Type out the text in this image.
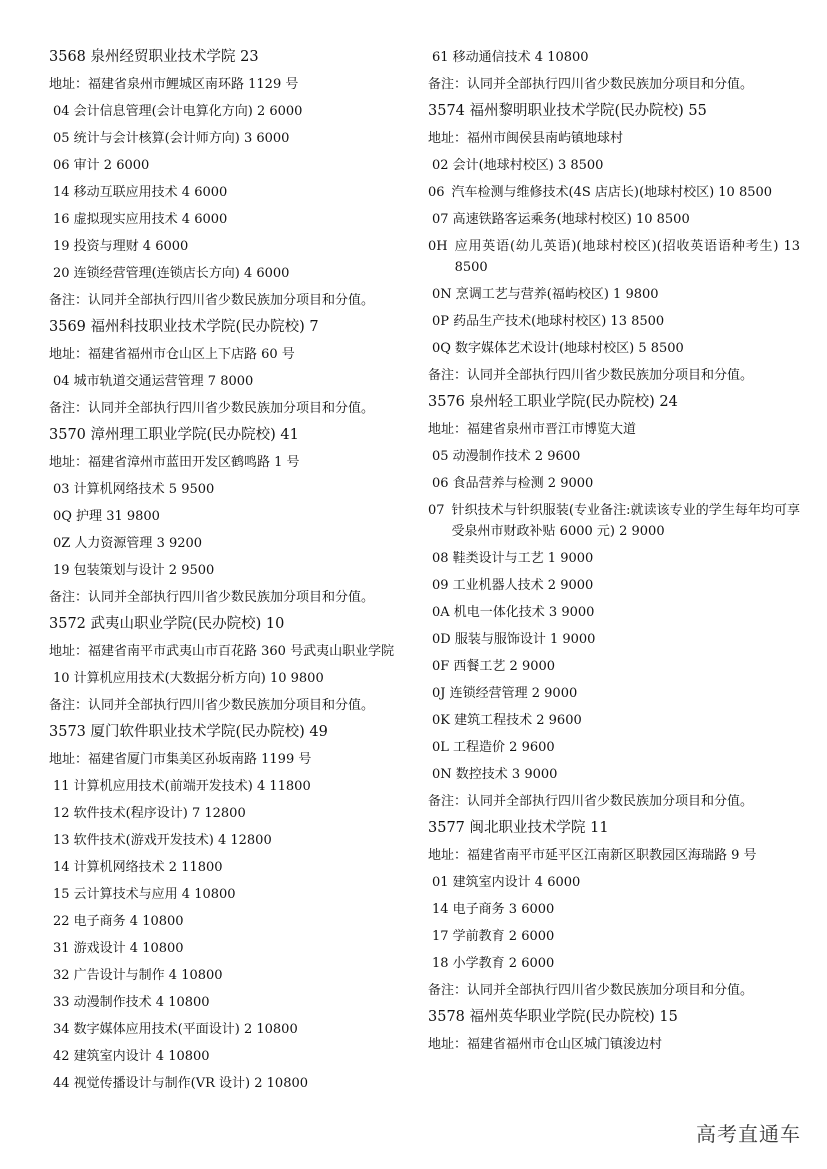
3568 泉州经贸职业技术学院 23
地址：福建省泉州市鲤城区南环路 1129 号
04 会计信息管理(会计电算化方向) 2 6000
05 统计与会计核算(会计师方向) 3 6000
06 审计 2 6000
14 移动互联应用技术 4 6000
16 虚拟现实应用技术 4 6000
19 投资与理财 4 6000
20 连锁经营管理(连锁店长方向) 4 6000
备注：认同并全部执行四川省少数民族加分项目和分值。
3569 福州科技职业技术学院(民办院校) 7
地址：福建省福州市仓山区上下店路 60 号
04 城市轨道交通运营管理 7 8000
备注：认同并全部执行四川省少数民族加分项目和分值。
3570 漳州理工职业学院(民办院校) 41
地址：福建省漳州市蓝田开发区鹤鸣路 1 号
03 计算机网络技术 5 9500
0Q 护理 31 9800
0Z 人力资源管理 3 9200
19 包装策划与设计 2 9500
备注：认同并全部执行四川省少数民族加分项目和分值。
3572 武夷山职业学院(民办院校) 10
地址：福建省南平市武夷山市百花路 360 号武夷山职业学院
10 计算机应用技术(大数据分析方向) 10 9800
备注：认同并全部执行四川省少数民族加分项目和分值。
3573 厦门软件职业技术学院(民办院校) 49
地址：福建省厦门市集美区孙坂南路 1199 号
11 计算机应用技术(前端开发技术) 4 11800
12 软件技术(程序设计) 7 12800
13 软件技术(游戏开发技术) 4 12800
14 计算机网络技术 2 11800
15 云计算技术与应用 4 10800
22 电子商务 4 10800
31 游戏设计 4 10800
32 广告设计与制作 4 10800
33 动漫制作技术 4 10800
34 数字媒体应用技术(平面设计) 2 10800
42 建筑室内设计 4 10800
44 视觉传播设计与制作(VR 设计) 2 10800
61 移动通信技术 4 10800
备注：认同并全部执行四川省少数民族加分项目和分值。
3574 福州黎明职业技术学院(民办院校) 55
地址：福州市闽侯县南屿镇地球村
02 会计(地球村校区) 3 8500
06 汽车检测与维修技术(4S 店店长)(地球村校区) 10 8500
07 高速铁路客运乘务(地球村校区) 10 8500
0H 应用英语(幼儿英语)(地球村校区)(招收英语语种考生) 13 8500
0N 烹调工艺与营养(福屿校区) 1 9800
0P 药品生产技术(地球村校区) 13 8500
0Q 数字媒体艺术设计(地球村校区) 5 8500
备注：认同并全部执行四川省少数民族加分项目和分值。
3576 泉州轻工职业学院(民办院校) 24
地址：福建省泉州市晋江市博览大道
05 动漫制作技术 2 9600
06 食品营养与检测 2 9000
07 针织技术与针织服装(专业备注:就读该专业的学生每年均可享受泉州市财政补贴 6000 元) 2 9000
08 鞋类设计与工艺 1 9000
09 工业机器人技术 2 9000
0A 机电一体化技术 3 9000
0D 服装与服饰设计 1 9000
0F 西餐工艺 2 9000
0J 连锁经营管理 2 9000
0K 建筑工程技术 2 9600
0L 工程造价 2 9600
0N 数控技术 3 9000
备注：认同并全部执行四川省少数民族加分项目和分值。
3577 闽北职业技术学院 11
地址：福建省南平市延平区江南新区职教园区海瑞路 9 号
01 建筑室内设计 4 6000
14 电子商务 3 6000
17 学前教育 2 6000
18 小学教育 2 6000
备注：认同并全部执行四川省少数民族加分项目和分值。
3578 福州英华职业学院(民办院校) 15
地址：福建省福州市仓山区城门镇浚边村
高考直通车
